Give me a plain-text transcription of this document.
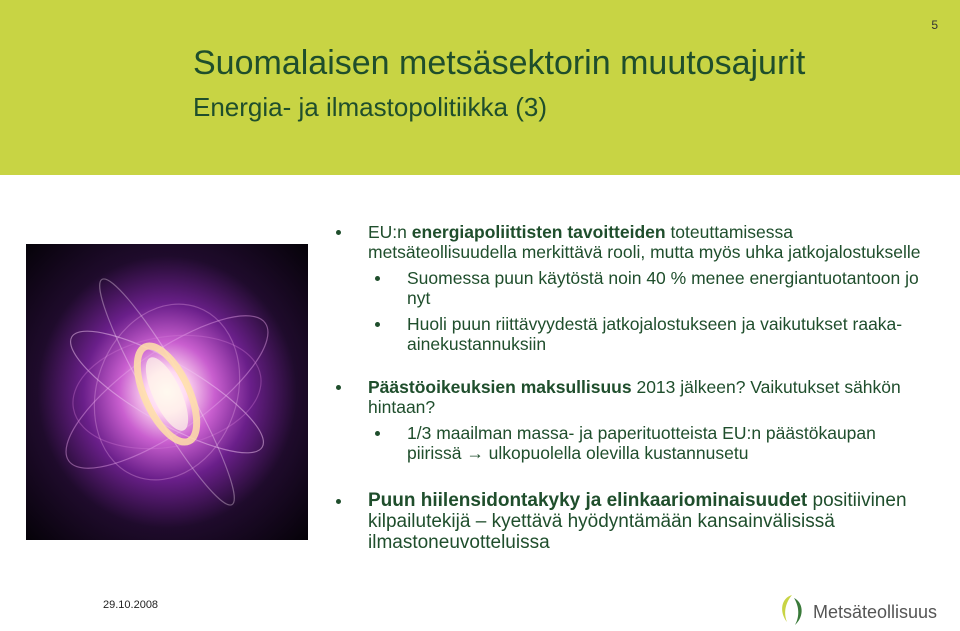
5
Suomalaisen metsäsektorin muutosajurit
Energia- ja ilmastopolitiikka (3)
EU:n energiapoliittisten tavoitteiden toteuttamisessa metsäteollisuudella merkittävä rooli, mutta myös uhka jatkojalostukselle
Suomessa puun käytöstä noin 40 % menee energiantuotantoon jo nyt
Huoli puun riittävyydestä jatkojalostukseen ja vaikutukset raaka-ainekustannuksiin
Päästöoikeuksien maksullisuus 2013 jälkeen? Vaikutukset sähkön hintaan?
1/3 maailman massa- ja paperituotteista EU:n päästökaupan piirissä → ulkopuolella olevilla kustannusetu
Puun hiilensidontakyky ja elinkaariominaisuudet positiivinen kilpailutekijä – kyettävä hyödyntämään kansainvälisissä ilmastoneuvotteluissa
29.10.2008	Metsäteollisuus
